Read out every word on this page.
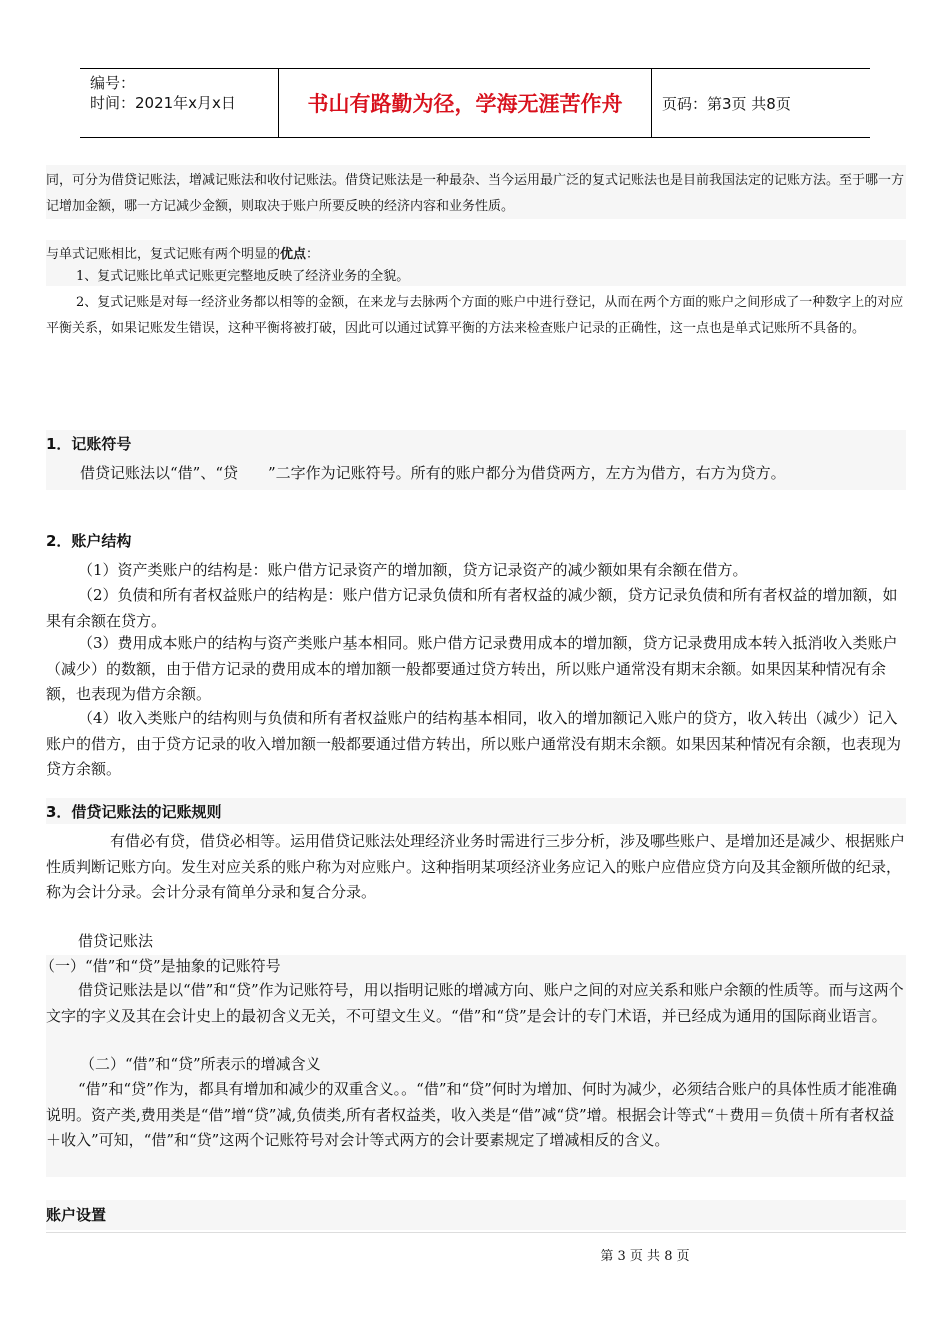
编号：
时间：2021年x月x日	书山有路勤为径，学海无涯苦作舟	页码：第3页 共8页

同，可分为借贷记账法，增减记账法和收付记账法。借贷记账法是一种最杂、当今运用最广泛的复式记账法也是目前我国法定的记账方法。至于哪一方记增加金额，哪一方记减少金额，则取决于账户所要反映的经济内容和业务性质。

与单式记账相比，复式记账有两个明显的优点：

1、复式记账比单式记账更完整地反映了经济业务的全貌。

2、复式记账是对每一经济业务都以相等的金额，在来龙与去脉两个方面的账户中进行登记，从而在两个方面的账户之间形成了一种数字上的对应平衡关系，如果记账发生错误，这种平衡将被打破，因此可以通过试算平衡的方法来检查账户记录的正确性，这一点也是单式记账所不具备的。

1．记账符号

借贷记账法以“借”、“贷　　”二字作为记账符号。所有的账户都分为借贷两方，左方为借方，右方为贷方。

2．账户结构

（1）资产类账户的结构是：账户借方记录资产的增加额，贷方记录资产的减少额如果有余额在借方。

（2）负债和所有者权益账户的结构是：账户借方记录负债和所有者权益的减少额，贷方记录负债和所有者权益的增加额，如果有余额在贷方。

（3）费用成本账户的结构与资产类账户基本相同。账户借方记录费用成本的增加额，贷方记录费用成本转入抵消收入类账户（减少）的数额，由于借方记录的费用成本的增加额一般都要通过贷方转出，所以账户通常没有期末余额。如果因某种情况有余额，也表现为借方余额。

（4）收入类账户的结构则与负债和所有者权益账户的结构基本相同，收入的增加额记入账户的贷方，收入转出（减少）记入账户的借方，由于贷方记录的收入增加额一般都要通过借方转出，所以账户通常没有期末余额。如果因某种情况有余额，也表现为贷方余额。

3．借贷记账法的记账规则

有借必有贷，借贷必相等。运用借贷记账法处理经济业务时需进行三步分析，涉及哪些账户、是增加还是减少、根据账户性质判断记账方向。发生对应关系的账户称为对应账户。这种指明某项经济业务应记入的账户应借应贷方向及其金额所做的纪录，称为会计分录。会计分录有简单分录和复合分录。

借贷记账法

（一）“借”和“贷”是抽象的记账符号

借贷记账法是以“借”和“贷”作为记账符号，用以指明记账的增减方向、账户之间的对应关系和账户余额的性质等。而与这两个文字的字义及其在会计史上的最初含义无关，不可望文生义。“借”和“贷”是会计的专门术语，并已经成为通用的国际商业语言。

（二）“借”和“贷”所表示的增减含义

“借”和“贷”作为，都具有增加和减少的双重含义。。“借”和“贷”何时为增加、何时为减少，必须结合账户的具体性质才能准确说明。资产类,费用类是“借”增“贷”减,负债类,所有者权益类，收入类是“借”减“贷”增。根据会计等式“＋费用＝负债＋所有者权益＋收入”可知，“借”和“贷”这两个记账符号对会计等式两方的会计要素规定了增减相反的含义。

账户设置

第 3 页 共 8 页
